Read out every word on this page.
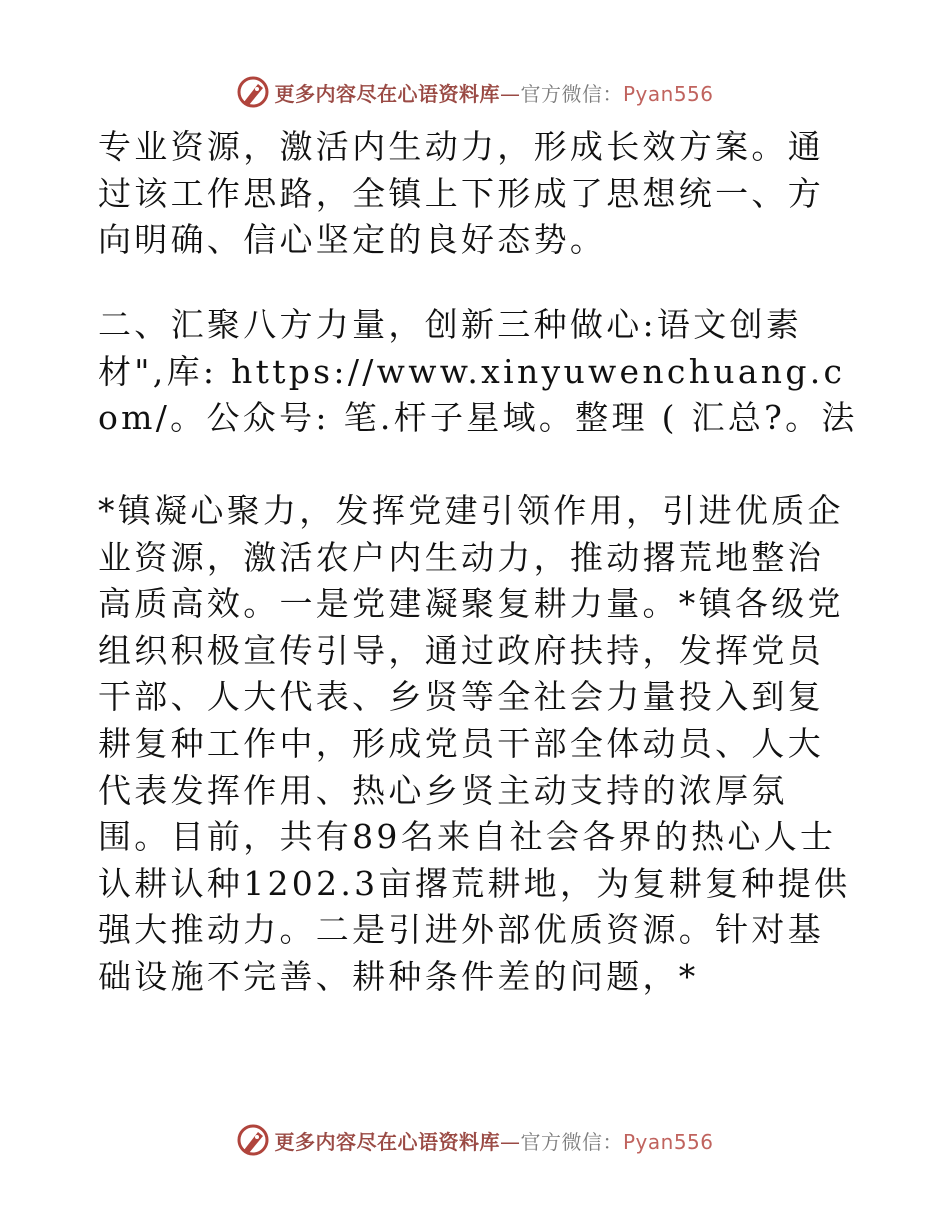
更多内容尽在心语资料库—官方微信：Pyan556

专业资源，激活内生动力，形成长效方案。通过该工作思路，全镇上下形成了思想统一、方向明确、信心坚定的良好态势。

二、汇聚八方力量，创新三种做心:语文创素材",库: https://www.xinyuwenchuang.com/。公众号: 笔.杆子星域。整理 ( 汇总?。法

*镇凝心聚力，发挥党建引领作用，引进优质企业资源，激活农户内生动力，推动撂荒地整治高质高效。一是党建凝聚复耕力量。*镇各级党组织积极宣传引导，通过政府扶持，发挥党员干部、人大代表、乡贤等全社会力量投入到复耕复种工作中，形成党员干部全体动员、人大代表发挥作用、热心乡贤主动支持的浓厚氛围。目前，共有89名来自社会各界的热心人士认耕认种1202.3亩撂荒耕地，为复耕复种提供强大推动力。二是引进外部优质资源。针对基础设施不完善、耕种条件差的问题，*

更多内容尽在心语资料库—官方微信：Pyan556
